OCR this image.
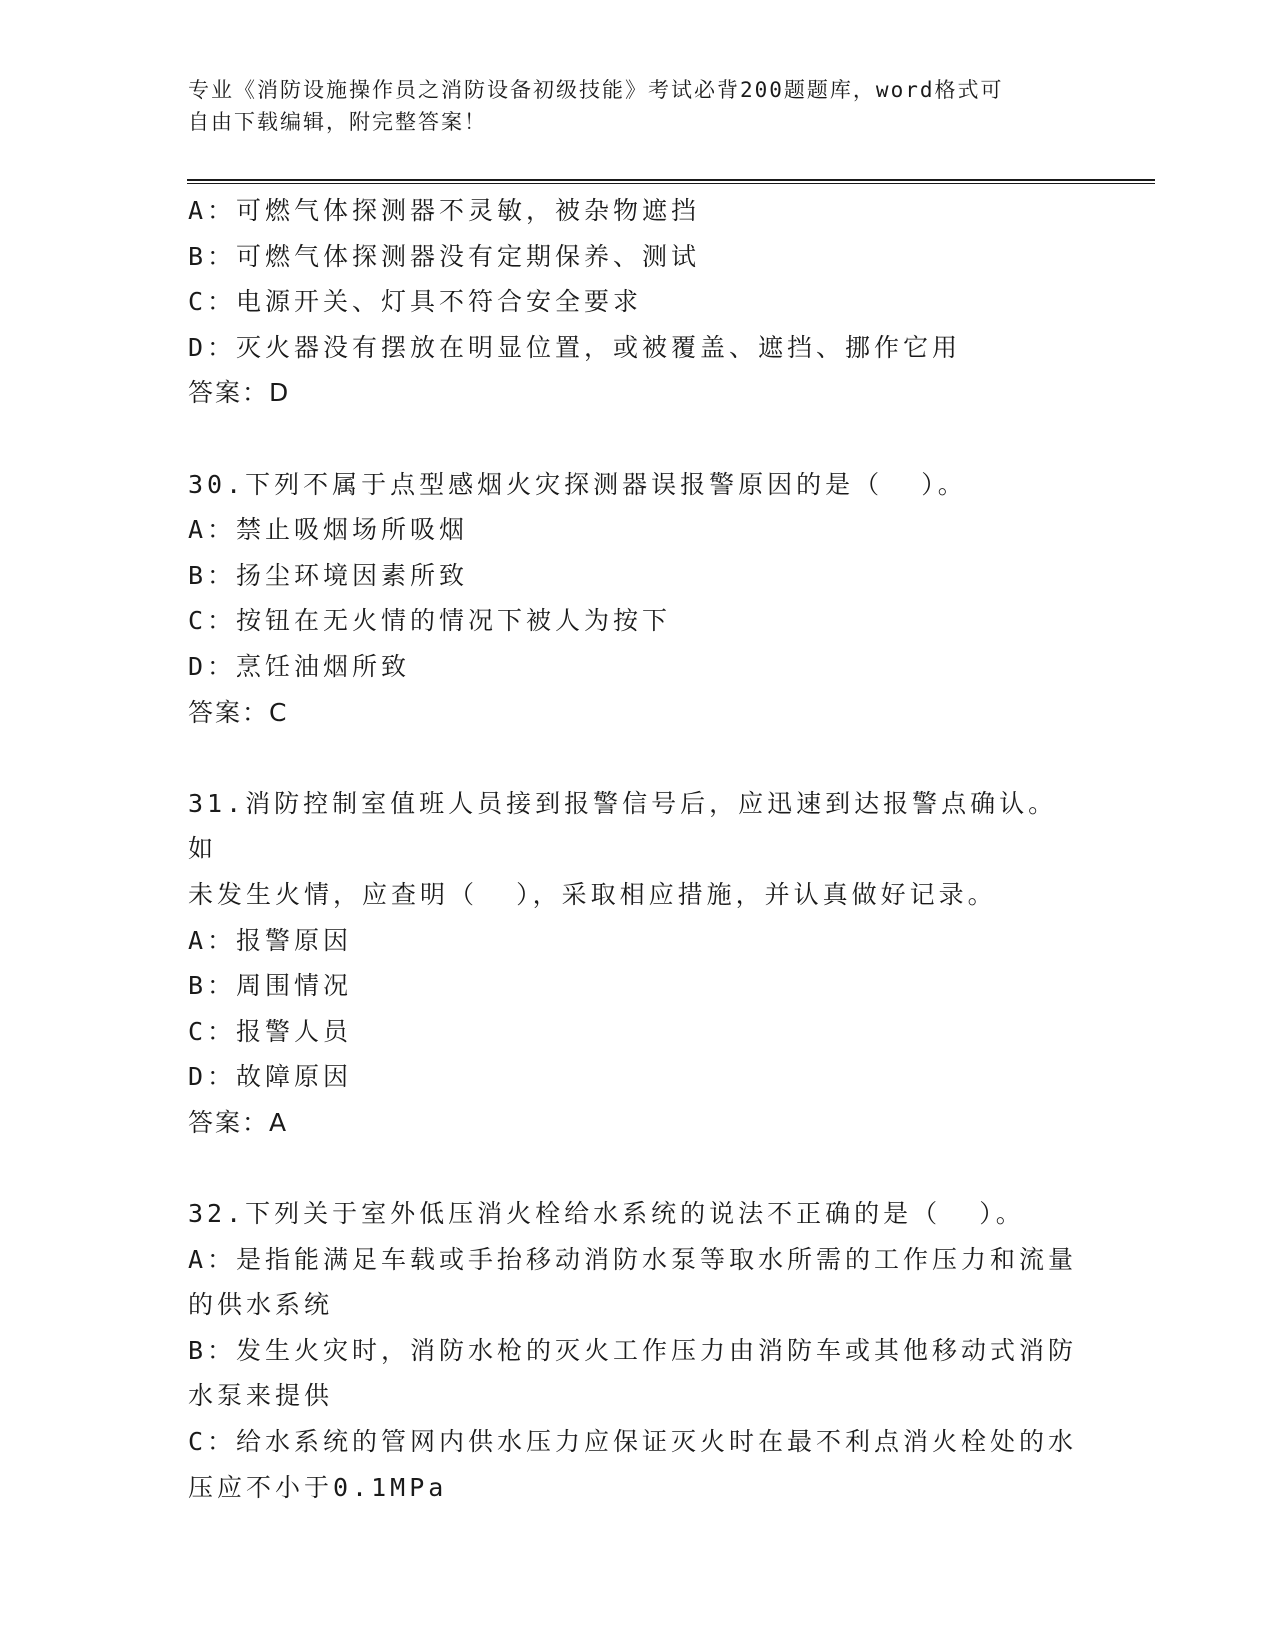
专业《消防设施操作员之消防设备初级技能》考试必背200题题库，word格式可
自由下载编辑，附完整答案！

A：可燃气体探测器不灵敏，被杂物遮挡

B：可燃气体探测器没有定期保养、测试

C：电源开关、灯具不符合安全要求

D：灭火器没有摆放在明显位置，或被覆盖、遮挡、挪作它用

答案：D

30.下列不属于点型感烟火灾探测器误报警原因的是（  ）。

A：禁止吸烟场所吸烟

B：扬尘环境因素所致

C：按钮在无火情的情况下被人为按下

D：烹饪油烟所致

答案：C

31.消防控制室值班人员接到报警信号后，应迅速到达报警点确认。如

未发生火情，应查明（  ），采取相应措施，并认真做好记录。

A：报警原因

B：周围情况

C：报警人员

D：故障原因

答案：A

32.下列关于室外低压消火栓给水系统的说法不正确的是（  ）。

A：是指能满足车载或手抬移动消防水泵等取水所需的工作压力和流量

的供水系统

B：发生火灾时，消防水枪的灭火工作压力由消防车或其他移动式消防

水泵来提供

C：给水系统的管网内供水压力应保证灭火时在最不利点消火栓处的水

压应不小于0.1MPa
